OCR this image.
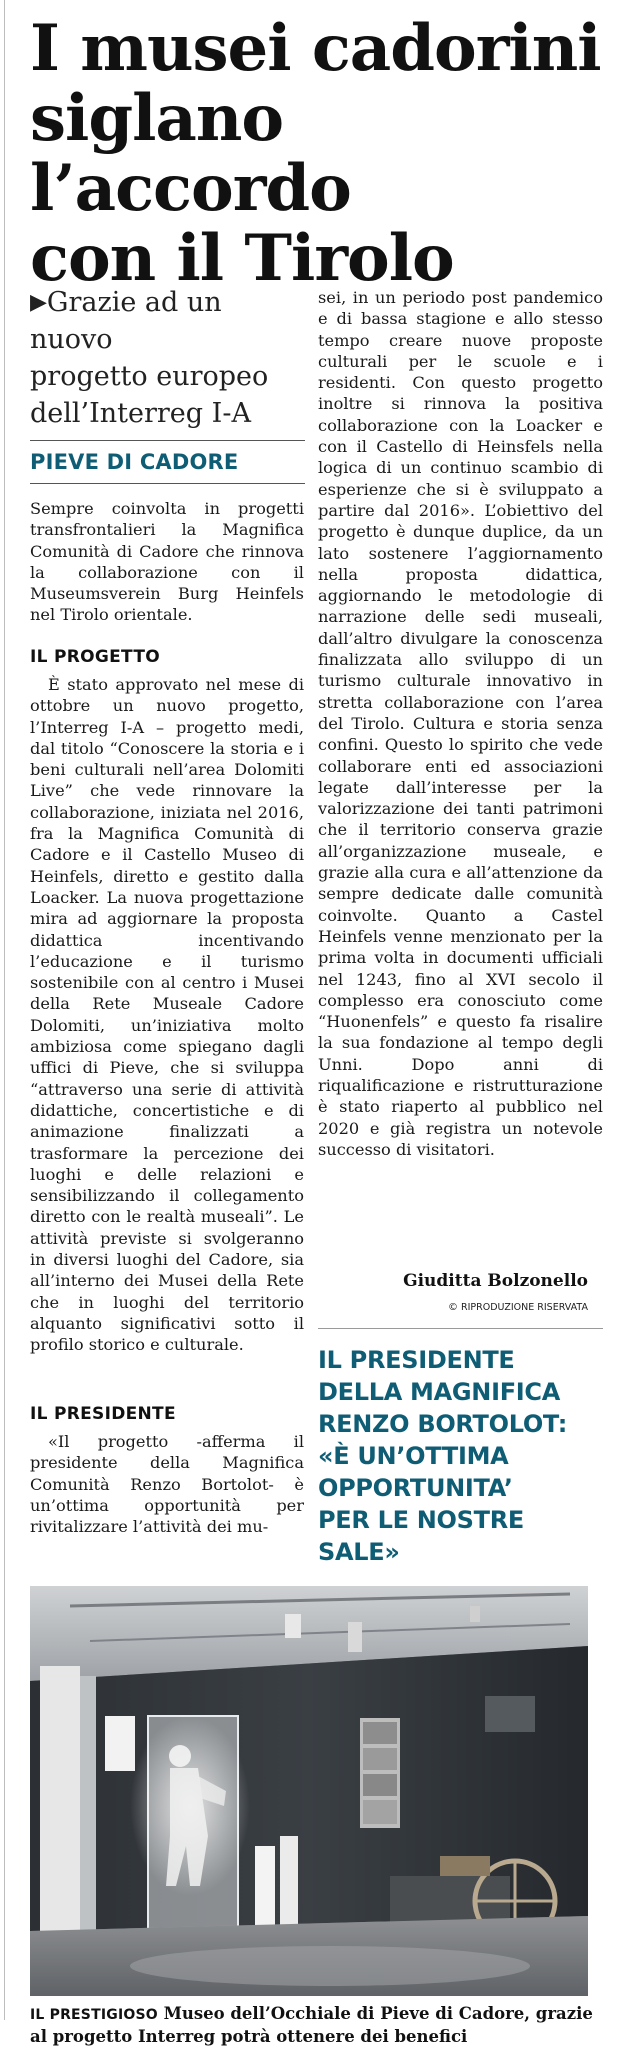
I musei cadorini
siglano l’accordo
con il Tirolo
▶Grazie ad un nuovo
progetto europeo
dell’Interreg I-A
PIEVE DI CADORE

Sempre coinvolta in progetti transfrontalieri la Magnifica Comunità di Cadore che rinnova la collaborazione con il Museumsverein Burg Heinfels nel Tirolo orientale.

IL PROGETTO

È stato approvato nel mese di ottobre un nuovo progetto, l’Interreg I-A – progetto medi, dal titolo “Conoscere la storia e i beni culturali nell’area Dolomiti Live” che vede rinnovare la collaborazione, iniziata nel 2016, fra la Magnifica Comunità di Cadore e il Castello Museo di Heinfels, diretto e gestito dalla Loacker. La nuova progettazione mira ad aggiornare la proposta didattica incentivando l’educazione e il turismo sostenibile con al centro i Musei della Rete Museale Cadore Dolomiti, un’iniziativa molto ambiziosa come spiegano dagli uffici di Pieve, che si sviluppa “attraverso una serie di attività didattiche, concertistiche e di animazione finalizzati a trasformare la percezione dei luoghi e delle relazioni e sensibilizzando il collegamento diretto con le realtà museali”. Le attività previste si svolgeranno in diversi luoghi del Cadore, sia all’interno dei Musei della Rete che in luoghi del territorio alquanto significativi sotto il profilo storico e culturale.

IL PRESIDENTE

«Il progetto -afferma il presidente della Magnifica Comunità Renzo Bortolot- è un’ottima opportunità per rivitalizzare l’attività dei mu-

sei, in un periodo post pandemico e di bassa stagione e allo stesso tempo creare nuove proposte culturali per le scuole e i residenti. Con questo progetto inoltre si rinnova la positiva collaborazione con la Loacker e con il Castello di Heinsfels nella logica di un continuo scambio di esperienze che si è sviluppato a partire dal 2016». L’obiettivo del progetto è dunque duplice, da un lato sostenere l’aggiornamento nella proposta didattica, aggiornando le metodologie di narrazione delle sedi museali, dall’altro divulgare la conoscenza finalizzata allo sviluppo di un turismo culturale innovativo in stretta collaborazione con l’area del Tirolo. Cultura e storia senza confini. Questo lo spirito che vede collaborare enti ed associazioni legate dall’interesse per la valorizzazione dei tanti patrimoni che il territorio conserva grazie all’organizzazione museale, e grazie alla cura e all’attenzione da sempre dedicate dalle comunità coinvolte. Quanto a Castel Heinfels venne menzionato per la prima volta in documenti ufficiali nel 1243, fino al XVI secolo il complesso era conosciuto come “Huonenfels” e questo fa risalire la sua fondazione al tempo degli Unni. Dopo anni di riqualificazione e ristrutturazione è stato riaperto al pubblico nel 2020 e già registra un notevole successo di visitatori.

Giuditta Bolzonello
© RIPRODUZIONE RISERVATA
IL PRESIDENTE
DELLA MAGNIFICA
RENZO BORTOLOT:
«È UN’OTTIMA
OPPORTUNITA’
PER LE NOSTRE SALE»
IL PRESTIGIOSO Museo dell’Occhiale di Pieve di Cadore, grazie al progetto Interreg potrà ottenere dei benefici
